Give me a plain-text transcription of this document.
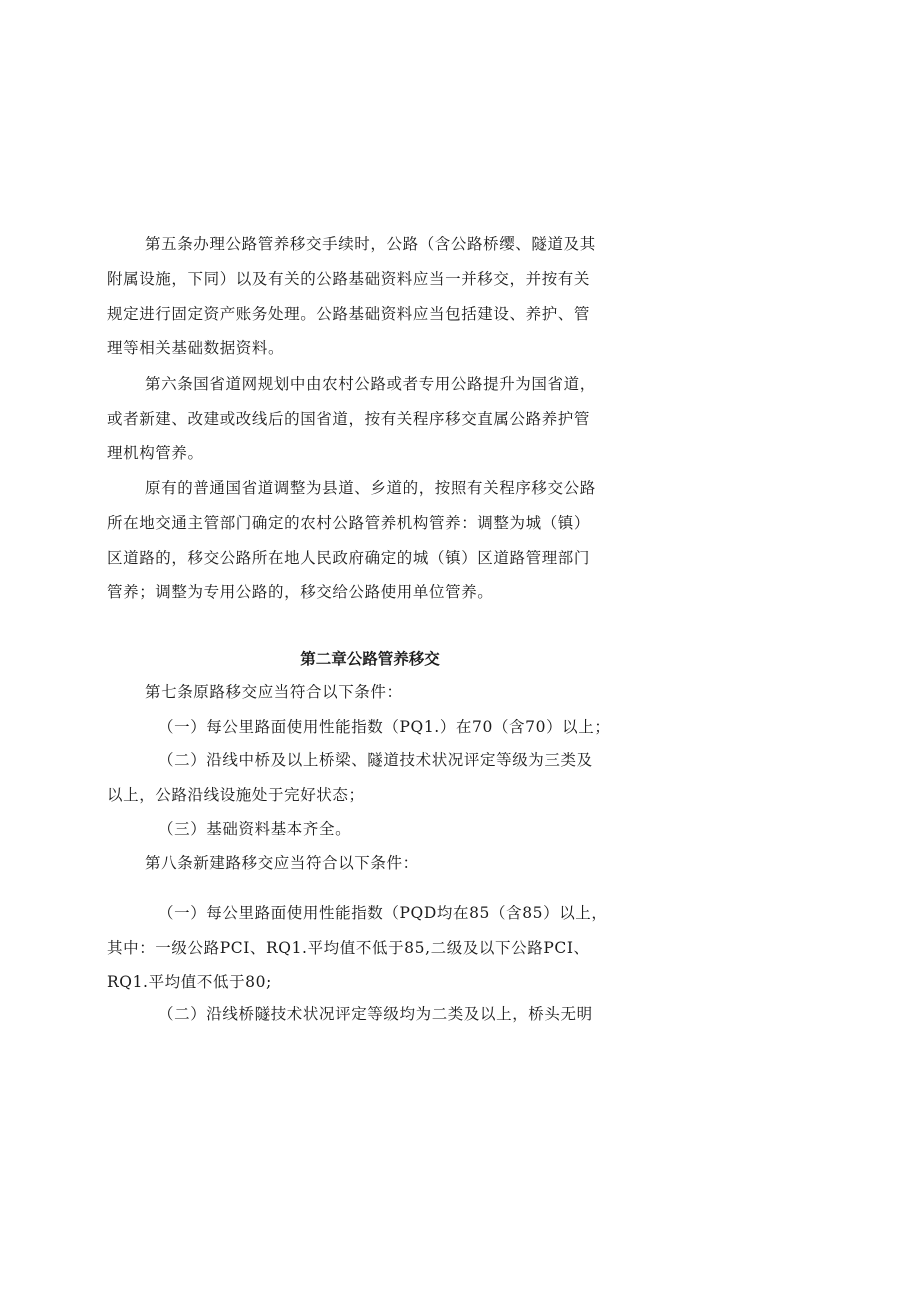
第五条办理公路管养移交手续时，公路（含公路桥缨、隧道及其
附属设施，下同）以及有关的公路基础资料应当一并移交，并按有关
规定进行固定资产账务处理。公路基础资料应当包括建设、养护、管
理等相关基础数据资料。
第六条国省道网规划中由农村公路或者专用公路提升为国省道，
或者新建、改建或改线后的国省道，按有关程序移交直属公路养护管
理机构管养。
原有的普通国省道调整为县道、乡道的，按照有关程序移交公路
所在地交通主管部门确定的农村公路管养机构管养：调整为城（镇）
区道路的，移交公路所在地人民政府确定的城（镇）区道路管理部门
管养；调整为专用公路的，移交给公路使用单位管养。
第二章公路管养移交
第七条原路移交应当符合以下条件：
（一）每公里路面使用性能指数（PQ1.）在70（含70）以上；
（二）沿线中桥及以上桥梁、隧道技术状况评定等级为三类及
以上，公路沿线设施处于完好状态；
（三）基础资料基本齐全。
第八条新建路移交应当符合以下条件：
（一）每公里路面使用性能指数（PQD均在85（含85）以上，
其中：一级公路PCI、RQ1.平均值不低于85,二级及以下公路PCI、
RQ1.平均值不低于80;
（二）沿线桥隧技术状况评定等级均为二类及以上，桥头无明
